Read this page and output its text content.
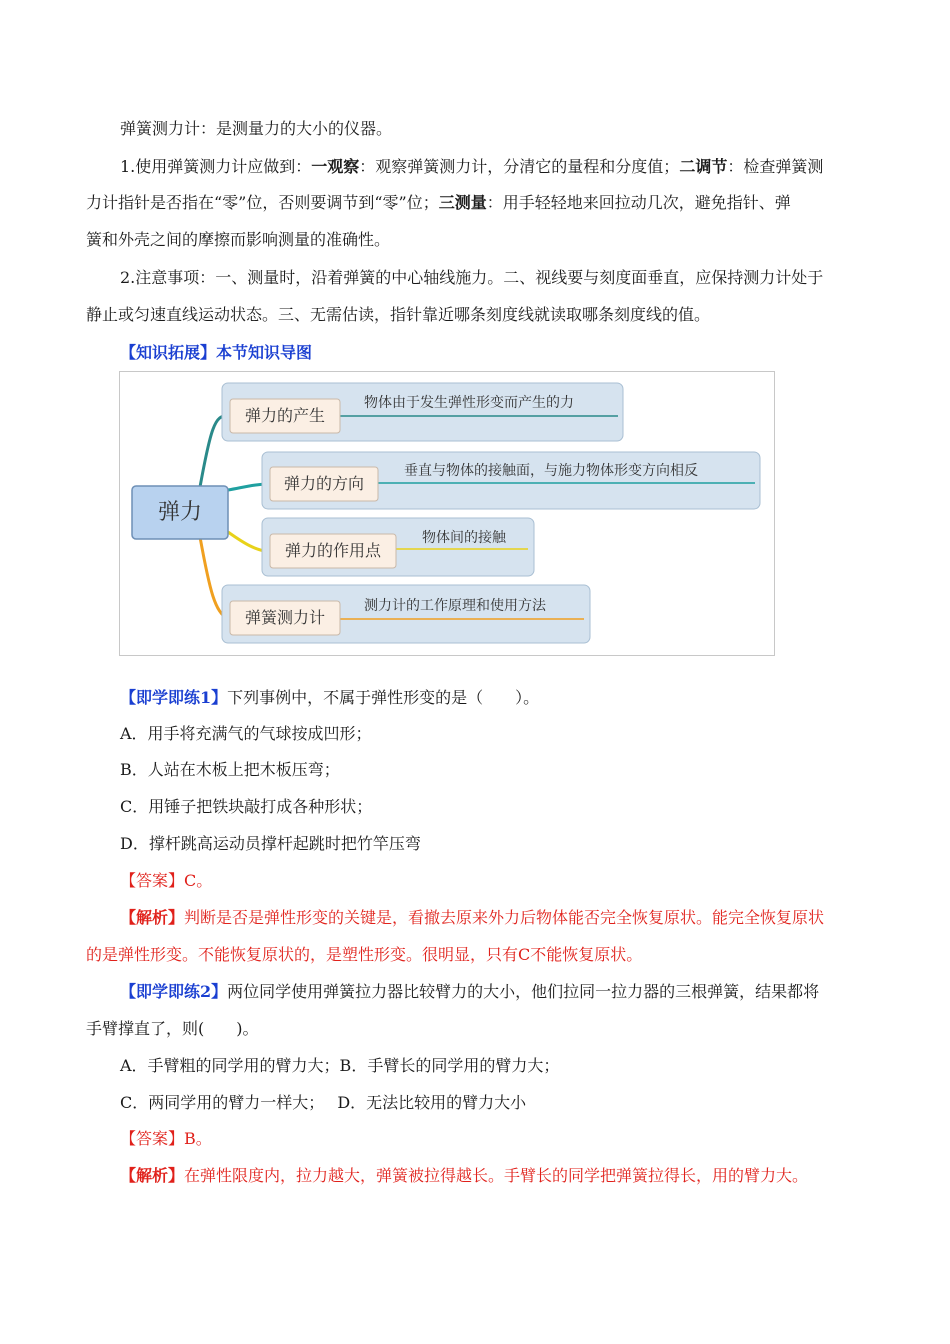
弹簧测力计：是测量力的大小的仪器。
1.使用弹簧测力计应做到：一观察：观察弹簧测力计，分清它的量程和分度值；二调节：检查弹簧测
力计指针是否指在“零”位，否则要调节到“零”位；三测量：用手轻轻地来回拉动几次，避免指针、弹
簧和外壳之间的摩擦而影响测量的准确性。
2.注意事项：一、测量时，沿着弹簧的中心轴线施力。二、视线要与刻度面垂直，应保持测力计处于
静止或匀速直线运动状态。三、无需估读，指针靠近哪条刻度线就读取哪条刻度线的值。
【知识拓展】本节知识导图
弹力
弹力的产生
弹力的方向
弹力的作用点
弹簧测力计
物体由于发生弹性形变而产生的力
垂直与物体的接触面，与施力物体形变方向相反
物体间的接触
测力计的工作原理和使用方法
【即学即练1】下列事例中，不属于弹性形变的是（　　）。
A．用手将充满气的气球按成凹形；
B．人站在木板上把木板压弯；
C．用锤子把铁块敲打成各种形状；
D．撑杆跳高运动员撑杆起跳时把竹竿压弯
【答案】C。
【解析】判断是否是弹性形变的关键是，看撤去原来外力后物体能否完全恢复原状。能完全恢复原状
的是弹性形变。不能恢复原状的，是塑性形变。很明显，只有C不能恢复原状。
【即学即练2】两位同学使用弹簧拉力器比较臂力的大小，他们拉同一拉力器的三根弹簧，结果都将
手臂撑直了，则(　　)。
A．手臂粗的同学用的臂力大；B．手臂长的同学用的臂力大；
C．两同学用的臂力一样大；　 D．无法比较用的臂力大小
【答案】B。
【解析】在弹性限度内，拉力越大，弹簧被拉得越长。手臂长的同学把弹簧拉得长，用的臂力大。
